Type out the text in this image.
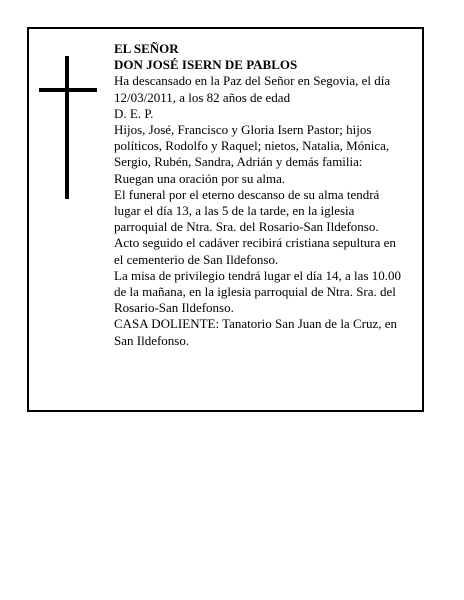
EL SEÑOR
DON JOSÉ ISERN DE PABLOS
Ha descansado en la Paz del Señor en Segovia, el día
12/03/2011, a los 82 años de edad
D. E. P.
Hijos, José, Francisco y Gloria Isern Pastor; hijos
políticos, Rodolfo y Raquel; nietos, Natalia, Mónica,
Sergio, Rubén, Sandra, Adrián y demás familia:
Ruegan una oración por su alma.
El funeral por el eterno descanso de su alma tendrá
lugar el día 13, a las 5 de la tarde, en la iglesia
parroquial de Ntra. Sra. del Rosario-San Ildefonso.
Acto seguido el cadáver recibirá cristiana sepultura en
el cementerio de San Ildefonso.
La misa de privilegio tendrá lugar el día 14, a las 10.00
de la mañana, en la iglesia parroquial de Ntra. Sra. del
Rosario-San Ildefonso.
CASA DOLIENTE: Tanatorio San Juan de la Cruz, en
San Ildefonso.
